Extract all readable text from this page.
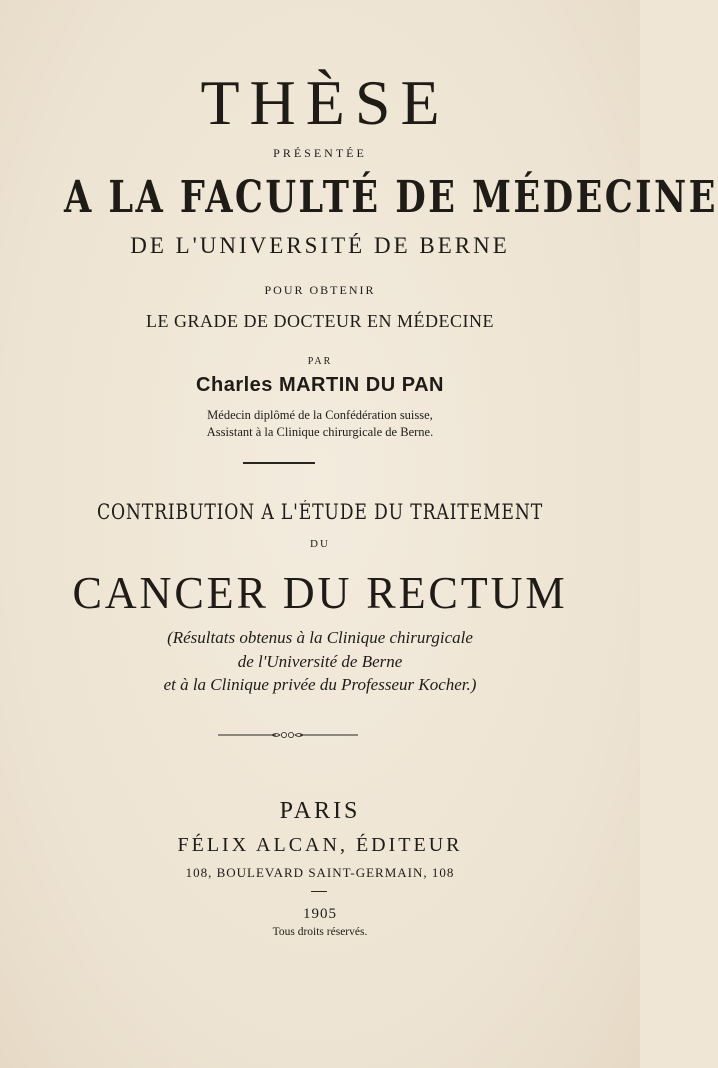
THÈSE
PRÉSENTÉE
A LA FACULTÉ DE MÉDECINE
DE L'UNIVERSITÉ DE BERNE
POUR OBTENIR
LE GRADE DE DOCTEUR EN MÉDECINE
PAR
Charles MARTIN DU PAN
Médecin diplômé de la Confédération suisse,
Assistant à la Clinique chirurgicale de Berne.
CONTRIBUTION A L'ÉTUDE DU TRAITEMENT
DU
CANCER DU RECTUM
(Résultats obtenus à la Clinique chirurgicale
de l'Université de Berne
et à la Clinique privée du Professeur Kocher.)
PARIS
FÉLIX ALCAN, ÉDITEUR
108, BOULEVARD SAINT-GERMAIN, 108
1905
Tous droits réservés.
